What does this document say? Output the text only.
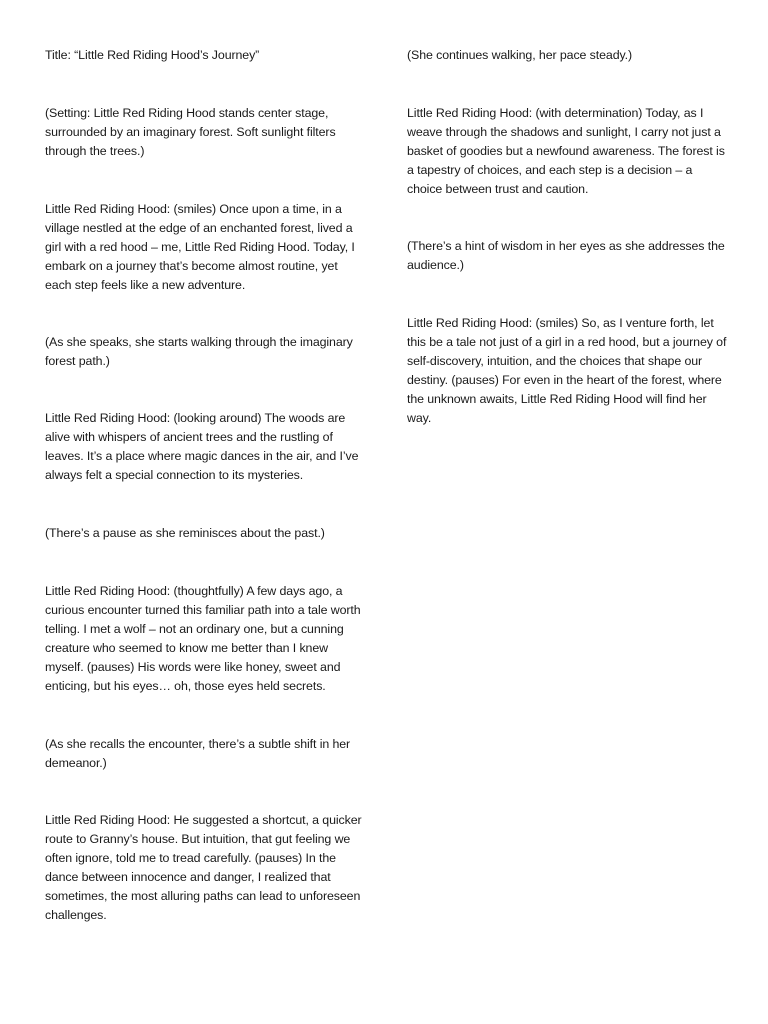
Title: “Little Red Riding Hood’s Journey”

(Setting: Little Red Riding Hood stands center stage, surrounded by an imaginary forest. Soft sunlight filters through the trees.)

Little Red Riding Hood: (smiles) Once upon a time, in a village nestled at the edge of an enchanted forest, lived a girl with a red hood – me, Little Red Riding Hood. Today, I embark on a journey that’s become almost routine, yet each step feels like a new adventure.

(As she speaks, she starts walking through the imaginary forest path.)

Little Red Riding Hood: (looking around) The woods are alive with whispers of ancient trees and the rustling of leaves. It’s a place where magic dances in the air, and I’ve always felt a special connection to its mysteries.

(There’s a pause as she reminisces about the past.)

Little Red Riding Hood: (thoughtfully) A few days ago, a curious encounter turned this familiar path into a tale worth telling. I met a wolf – not an ordinary one, but a cunning creature who seemed to know me better than I knew myself. (pauses) His words were like honey, sweet and enticing, but his eyes… oh, those eyes held secrets.

(As she recalls the encounter, there’s a subtle shift in her demeanor.)

Little Red Riding Hood: He suggested a shortcut, a quicker route to Granny’s house. But intuition, that gut feeling we often ignore, told me to tread carefully. (pauses) In the dance between innocence and danger, I realized that sometimes, the most alluring paths can lead to unforeseen challenges.

(She continues walking, her pace steady.)

Little Red Riding Hood: (with determination) Today, as I weave through the shadows and sunlight, I carry not just a basket of goodies but a newfound awareness. The forest is a tapestry of choices, and each step is a decision – a choice between trust and caution.

(There’s a hint of wisdom in her eyes as she addresses the audience.)

Little Red Riding Hood: (smiles) So, as I venture forth, let this be a tale not just of a girl in a red hood, but a journey of self-discovery, intuition, and the choices that shape our destiny. (pauses) For even in the heart of the forest, where the unknown awaits, Little Red Riding Hood will find her way.
